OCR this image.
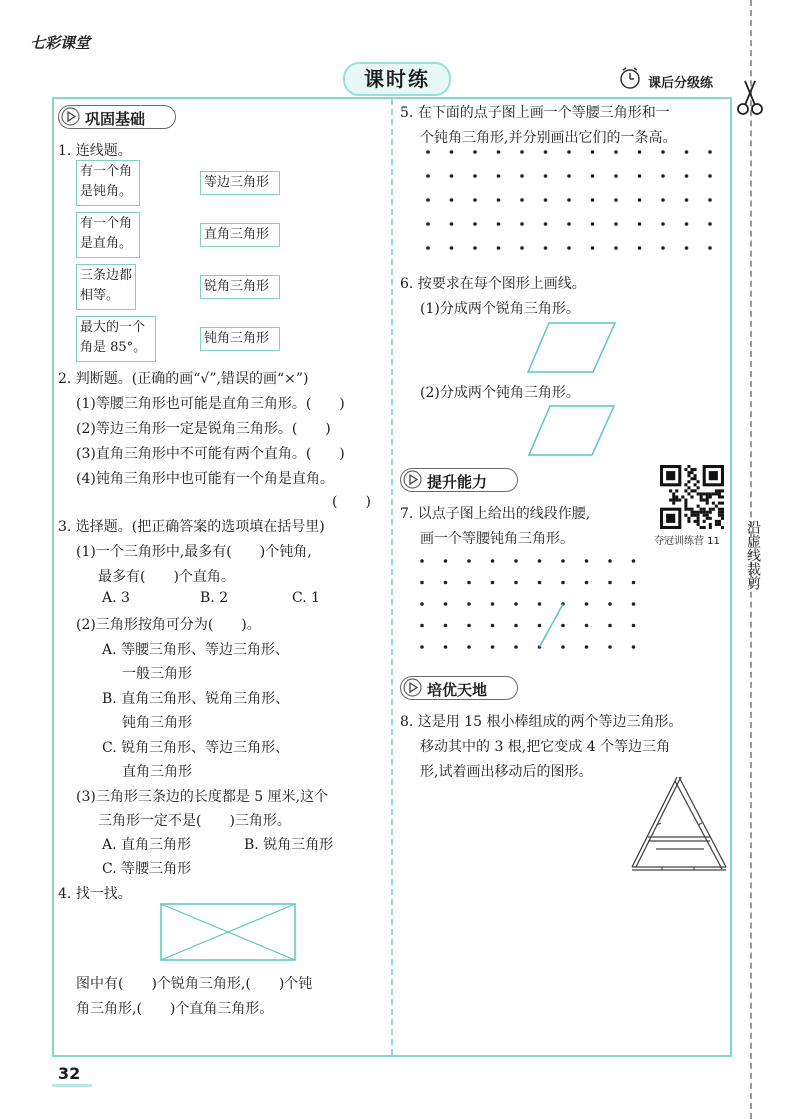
七彩课堂
课时练	课后分级练
沿虚线裁剪
巩固基础
1. 连线题。
有一个角是钝角。
有一个角是直角。
三条边都相等。
最大的一个角是 85°。
等边三角形
直角三角形
锐角三角形
钝角三角形
2. 判断题。(正确的画“√”,错误的画“×”)
(1)等腰三角形也可能是直角三角形。(　　)
(2)等边三角形一定是锐角三角形。(　　)
(3)直角三角形中不可能有两个直角。(　　)
(4)钝角三角形中也可能有一个角是直角。
(　　)
3. 选择题。(把正确答案的选项填在括号里)
(1)一个三角形中,最多有(　　)个钝角,
最多有(　　)个直角。
A. 3	B. 2	C. 1
(2)三角形按角可分为(　　)。
A. 等腰三角形、等边三角形、
一般三角形
B. 直角三角形、锐角三角形、
钝角三角形
C. 锐角三角形、等边三角形、
直角三角形
(3)三角形三条边的长度都是 5 厘米,这个
三角形一定不是(　　)三角形。
A. 直角三角形	B. 锐角三角形
C. 等腰三角形
4. 找一找。
图中有(　　)个锐角三角形,(　　)个钝
角三角形,(　　)个直角三角形。
32
5. 在下面的点子图上画一个等腰三角形和一
个钝角三角形,并分别画出它们的一条高。
6. 按要求在每个图形上画线。
(1)分成两个锐角三角形。
(2)分成两个钝角三角形。
提升能力
夺冠训练营 11
7. 以点子图上给出的线段作腰,
画一个等腰钝角三角形。
培优天地
8. 这是用 15 根小棒组成的两个等边三角形。
移动其中的 3 根,把它变成 4 个等边三角
形,试着画出移动后的图形。
